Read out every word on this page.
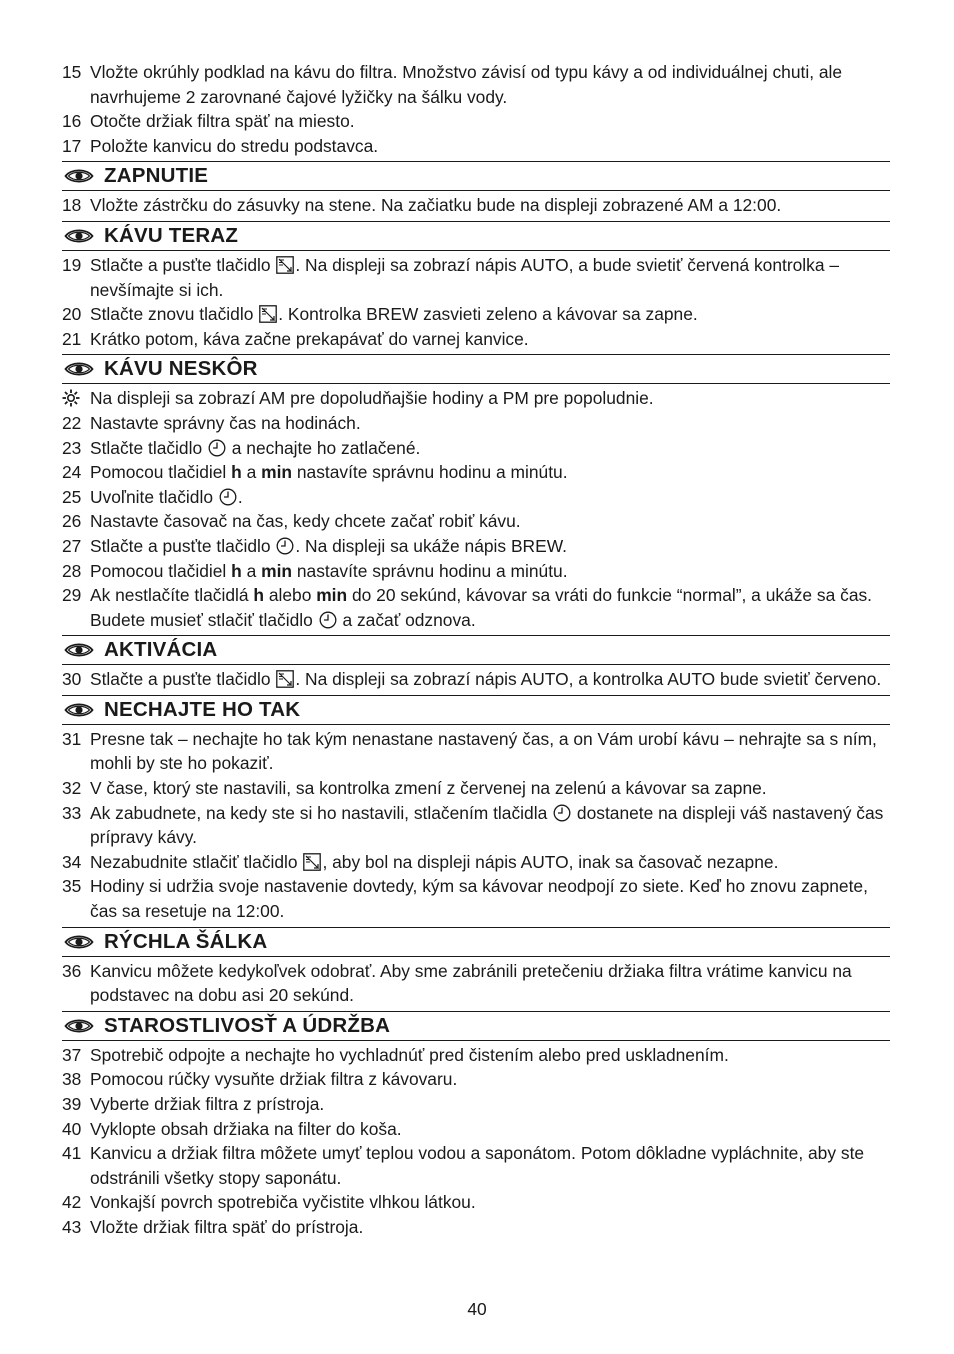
15 Vložte okrúhly podklad na kávu do filtra. Množstvo závisí od typu kávy a od individuálnej chuti, ale navrhujeme 2 zarovnané čajové lyžičky na šálku vody.
16 Otočte držiak filtra späť na miesto.
17 Položte kanvicu do stredu podstavca.
ZAPNUTIE
18 Vložte zástrčku do zásuvky na stene. Na začiatku bude na displeji zobrazené AM a 12:00.
KÁVU TERAZ
19 Stlačte a pusťte tlačidlo
. Na displeji sa zobrazí nápis AUTO, a bude svietiť červená kontrolka – nevšímajte si ich.
20 Stlačte znovu tlačidlo
. Kontrolka BREW zasvieti zeleno a kávovar sa zapne.
21 Krátko potom, káva začne prekapávať do varnej kanvice.
KÁVU NESKÔR
Na displeji sa zobrazí AM pre dopoludňajšie hodiny a PM pre popoludnie.
22 Nastavte správny čas na hodinách.
23 Stlačte tlačidlo
a nechajte ho zatlačené.
24 Pomocou tlačidiel h a min nastavíte správnu hodinu a minútu.
25 Uvoľnite tlačidlo
.
26 Nastavte časovač na čas, kedy chcete začať robiť kávu.
27 Stlačte a pusťte tlačidlo
. Na displeji sa ukáže nápis BREW.
28 Pomocou tlačidiel h a min nastavíte správnu hodinu a minútu.
29 Ak nestlačíte tlačidlá h alebo min do 20 sekúnd, kávovar sa vráti do funkcie “normal”, a ukáže sa čas. Budete musieť stlačiť tlačidlo
a začať odznova.
AKTIVÁCIA
30 Stlačte a pusťte tlačidlo
. Na displeji sa zobrazí nápis AUTO, a kontrolka AUTO bude svietiť červeno.
NECHAJTE HO TAK
31 Presne tak – nechajte ho tak kým nenastane nastavený čas, a on Vám urobí kávu – nehrajte sa s ním, mohli by ste ho pokaziť.
32 V čase, ktorý ste nastavili, sa kontrolka zmení z červenej na zelenú a kávovar sa zapne.
33 Ak zabudnete, na kedy ste si ho nastavili, stlačením tlačidla
dostanete na displeji váš nastavený čas prípravy kávy.
34 Nezabudnite stlačiť tlačidlo
, aby bol na displeji nápis AUTO, inak sa časovač nezapne.
35 Hodiny si udržia svoje nastavenie dovtedy, kým sa kávovar neodpojí zo siete. Keď ho znovu zapnete, čas sa resetuje na 12:00.
RÝCHLA ŠÁLKA
36 Kanvicu môžete kedykoľvek odobrať. Aby sme zabránili pretečeniu držiaka filtra vrátime kanvicu na podstavec na dobu asi 20 sekúnd.
STAROSTLIVOSŤ A ÚDRŽBA
37 Spotrebič odpojte a nechajte ho vychladnúť pred čistením alebo pred uskladnením.
38 Pomocou rúčky vysuňte držiak filtra z kávovaru.
39 Vyberte držiak filtra z prístroja.
40 Vyklopte obsah držiaka na filter do koša.
41 Kanvicu a držiak filtra môžete umyť teplou vodou a saponátom. Potom dôkladne vypláchnite, aby ste odstránili všetky stopy saponátu.
42 Vonkajší povrch spotrebiča vyčistite vlhkou látkou.
43 Vložte držiak filtra späť do prístroja.
40
